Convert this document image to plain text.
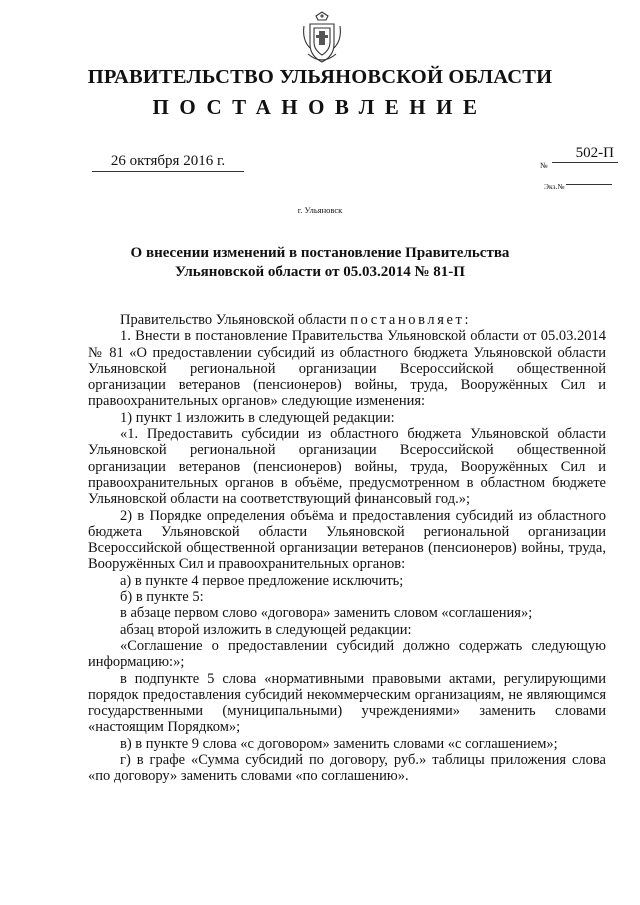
ПРАВИТЕЛЬСТВО УЛЬЯНОВСКОЙ ОБЛАСТИ
ПОСТАНОВЛЕНИЕ
26 октября 2016 г.	502-П
№
Экз.№
г. Ульяновск
О внесении изменений в постановление Правительства
Ульяновской области от 05.03.2014 № 81-П

Правительство Ульяновской области постановляет:

1. Внести в постановление Правительства Ульяновской области от 05.03.2014 № 81 «О предоставлении субсидий из областного бюджета Ульяновской области Ульяновской региональной организации Всероссийской общественной организации ветеранов (пенсионеров) войны, труда, Вооружённых Сил и правоохранительных органов» следующие изменения:

1) пункт 1 изложить в следующей редакции:

«1. Предоставить субсидии из областного бюджета Ульяновской области Ульяновской региональной организации Всероссийской общественной организации ветеранов (пенсионеров) войны, труда, Вооружённых Сил и правоохранительных органов в объёме, предусмотренном в областном бюджете Ульяновской области на соответствующий финансовый год.»;

2) в Порядке определения объёма и предоставления субсидий из областного бюджета Ульяновской области Ульяновской региональной организации Всероссийской общественной организации ветеранов (пенсионеров) войны, труда, Вооружённых Сил и правоохранительных органов:

а) в пункте 4 первое предложение исключить;

б) в пункте 5:

в абзаце первом слово «договора» заменить словом «соглашения»;

абзац второй изложить в следующей редакции:

«Соглашение о предоставлении субсидий должно содержать следующую информацию:»;

в подпункте 5 слова «нормативными правовыми актами, регулирующими порядок предоставления субсидий некоммерческим организациям, не являющимся государственными (муниципальными) учреждениями» заменить словами «настоящим Порядком»;

в) в пункте 9 слова «с договором» заменить словами «с соглашением»;

г) в графе «Сумма субсидий по договору, руб.» таблицы приложения слова «по договору» заменить словами «по соглашению».
